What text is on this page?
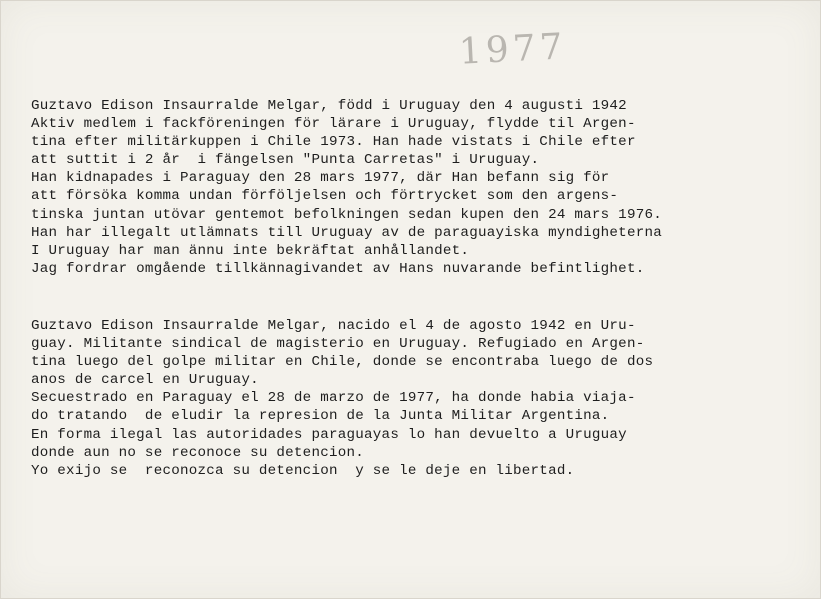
1977
Guztavo Edison Insaurralde Melgar, född i Uruguay den 4 augusti 1942
Aktiv medlem i fackföreningen för lärare i Uruguay, flydde til Argen-
tina efter militärkuppen i Chile 1973. Han hade vistats i Chile efter
att suttit i 2 år  i fängelsen "Punta Carretas" i Uruguay.
Han kidnapades i Paraguay den 28 mars 1977, där Han befann sig för
att försöka komma undan förföljelsen och förtrycket som den argens-
tinska juntan utövar gentemot befolkningen sedan kupen den 24 mars 1976.
Han har illegalt utlämnats till Uruguay av de paraguayiska myndigheterna
I Uruguay har man ännu inte bekräftat anhållandet.
Jag fordrar omgående tillkännagivandet av Hans nuvarande befintlighet.
Guztavo Edison Insaurralde Melgar, nacido el 4 de agosto 1942 en Uru-
guay. Militante sindical de magisterio en Uruguay. Refugiado en Argen-
tina luego del golpe militar en Chile, donde se encontraba luego de dos
anos de carcel en Uruguay.
Secuestrado en Paraguay el 28 de marzo de 1977, ha donde habia viaja-
do tratando  de eludir la represion de la Junta Militar Argentina.
En forma ilegal las autoridades paraguayas lo han devuelto a Uruguay
donde aun no se reconoce su detencion.
Yo exijo se  reconozca su detencion  y se le deje en libertad.
